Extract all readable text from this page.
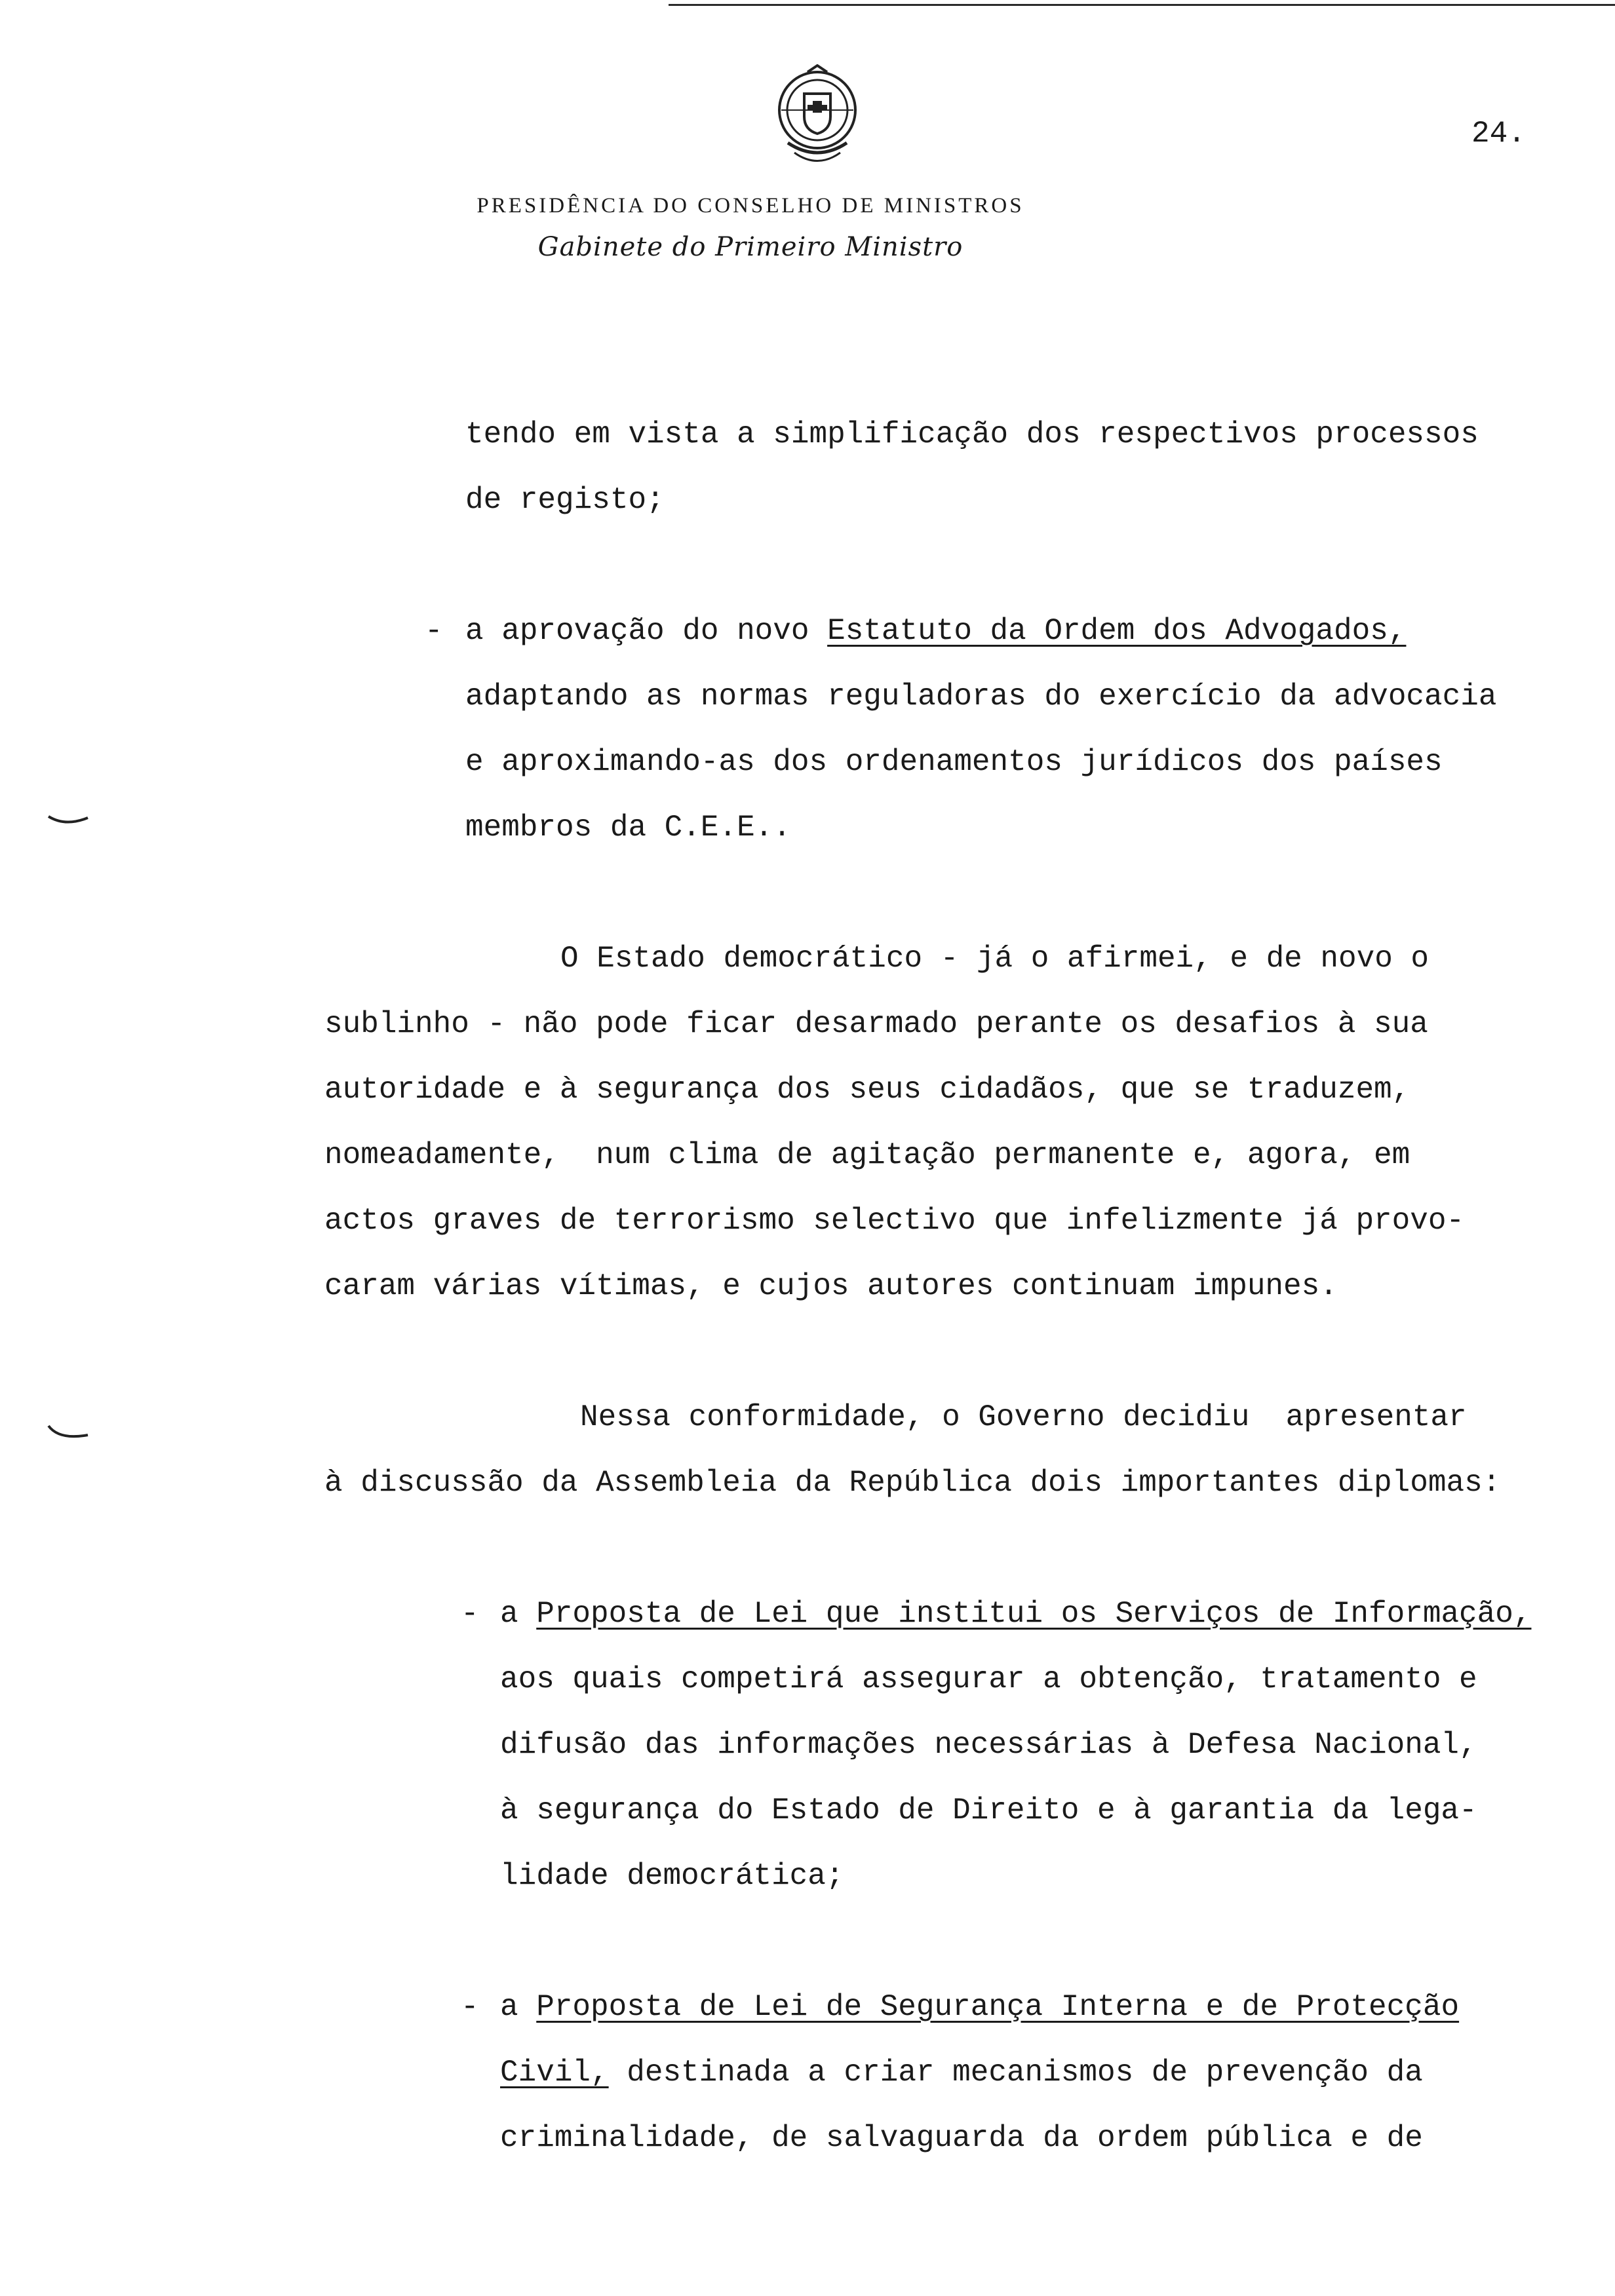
24.
PRESIDÊNCIA DO CONSELHO DE MINISTROS
Gabinete do Primeiro Ministro
tendo em vista a simplificação dos respectivos processos
de registo;
- a aprovação do novo Estatuto da Ordem dos Advogados,
adaptando as normas reguladoras do exercício da advocacia
e aproximando-as dos ordenamentos jurídicos dos países
membros da C.E.E..
O Estado democrático - já o afirmei, e de novo o
sublinho - não pode ficar desarmado perante os desafios à sua
autoridade e à segurança dos seus cidadãos, que se traduzem,
nomeadamente,  num clima de agitação permanente e, agora, em
actos graves de terrorismo selectivo que infelizmente já provo-
caram várias vítimas, e cujos autores continuam impunes.
Nessa conformidade, o Governo decidiu  apresentar
à discussão da Assembleia da República dois importantes diplomas:
- a Proposta de Lei que institui os Serviços de Informação,
aos quais competirá assegurar a obtenção, tratamento e
difusão das informações necessárias à Defesa Nacional,
à segurança do Estado de Direito e à garantia da lega-
lidade democrática;
- a Proposta de Lei de Segurança Interna e de Protecção
Civil, destinada a criar mecanismos de prevenção da
criminalidade, de salvaguarda da ordem pública e de
